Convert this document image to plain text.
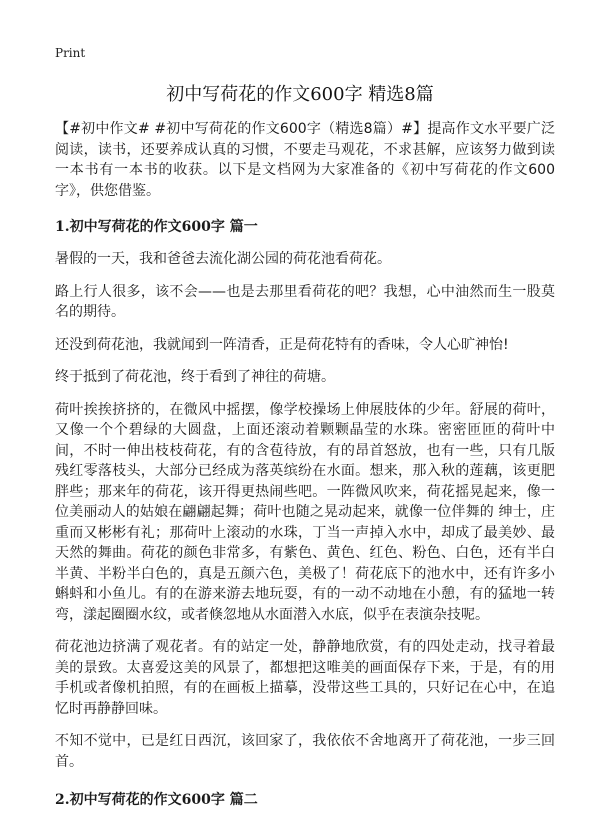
Print
初中写荷花的作文600字 精选8篇

【#初中作文# #初中写荷花的作文600字（精选8篇）#】提高作文水平要广泛阅读，读书，还要养成认真的习惯，不要走马观花，不求甚解，应该努力做到读一本书有一本书的收获。以下是文档网为大家准备的《初中写荷花的作文600字》，供您借鉴。

1.初中写荷花的作文600字 篇一

暑假的一天，我和爸爸去流化湖公园的荷花池看荷花。

路上行人很多，该不会——也是去那里看荷花的吧？我想，心中油然而生一股莫名的期待。

还没到荷花池，我就闻到一阵清香，正是荷花特有的香味，令人心旷神怡!

终于抵到了荷花池，终于看到了神往的荷塘。

荷叶挨挨挤挤的，在微风中摇摆，像学校操场上伸展肢体的少年。舒展的荷叶，又像一个个碧绿的大圆盘，上面还滚动着颗颗晶莹的水珠。密密匝匝的荷叶中间，不时一伸出枝枝荷花，有的含苞待放，有的昂首怒放，也有一些，只有几版残红零落枝头，大部分已经成为落英缤纷在水面。想来，那入秋的莲藕，该更肥胖些；那来年的荷花，该开得更热闹些吧。一阵微风吹来，荷花摇晃起来，像一位美丽动人的姑娘在翩翩起舞；荷叶也随之晃动起来，就像一位伴舞的 绅士，庄重而又彬彬有礼；那荷叶上滚动的水珠，丁当一声掉入水中，却成了最美妙、最天然的舞曲。荷花的颜色非常多，有紫色、黄色、红色、粉色、白色，还有半白半黄、半粉半白色的，真是五颜六色，美极了！荷花底下的池水中，还有许多小蝌蚪和小鱼儿。有的在游来游去地玩耍，有的一动不动地在小憩，有的猛地一转弯，漾起圈圈水纹，或者倏忽地从水面潜入水底，似乎在表演杂技呢。

荷花池边挤满了观花者。有的站定一处，静静地欣赏，有的四处走动，找寻着最美的景致。太喜爱这美的风景了，都想把这唯美的画面保存下来，于是，有的用手机或者像机拍照，有的在画板上描摹，没带这些工具的，只好记在心中，在追忆时再静静回味。

不知不觉中，已是红日西沉，该回家了，我依依不舍地离开了荷花池，一步三回首。

2.初中写荷花的作文600字 篇二
